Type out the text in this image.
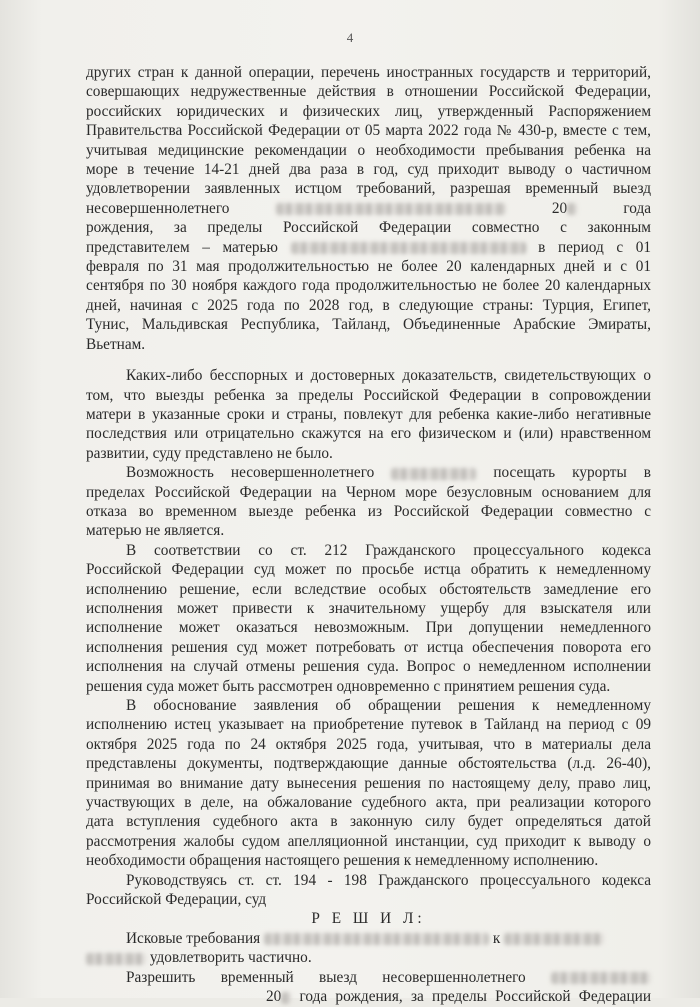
4

других стран к данной операции, перечень иностранных государств и территорий,
совершающих недружественные действия в отношении Российской Федерации,
российских юридических и физических лиц, утвержденный Распоряжением
Правительства Российской Федерации от 05 марта 2022 года № 430-р, вместе с тем,
учитывая медицинские рекомендации о необходимости пребывания ребенка на
море в течение 14-21 дней два раза в год, суд приходит выводу о частичном
удовлетворении заявленных истцом требований, разрешая временный выезд
несовершеннолетнего	20	года
рождения, за пределы Российской Федерации совместно с законным
представителем – матерью	в период с 01
февраля по 31 мая продолжительностью не более 20 календарных дней и с 01
сентября по 30 ноября каждого года продолжительностью не более 20 календарных
дней, начиная с 2025 года по 2028 год, в следующие страны: Турция, Египет,
Тунис, Мальдивская Республика, Тайланд, Объединенные Арабские Эмираты,
Вьетнам.

Каких-либо бесспорных и достоверных доказательств, свидетельствующих о
том, что выезды ребенка за пределы Российской Федерации в сопровождении
матери в указанные сроки и страны, повлекут для ребенка какие-либо негативные
последствия или отрицательно скажутся на его физическом и (или) нравственном
развитии, суду представлено не было.

Возможность несовершеннолетнего	посещать курорты в
пределах Российской Федерации на Черном море безусловным основанием для
отказа во временном выезде ребенка из Российской Федерации совместно с
матерью не является.

В соответствии со ст. 212 Гражданского процессуального кодекса
Российской Федерации суд может по просьбе истца обратить к немедленному
исполнению решение, если вследствие особых обстоятельств замедление его
исполнения может привести к значительному ущербу для взыскателя или
исполнение может оказаться невозможным. При допущении немедленного
исполнения решения суд может потребовать от истца обеспечения поворота его
исполнения на случай отмены решения суда. Вопрос о немедленном исполнении
решения суда может быть рассмотрен одновременно с принятием решения суда.

В обоснование заявления об обращении решения к немедленному
исполнению истец указывает на приобретение путевок в Тайланд на период с 09
октября 2025 года по 24 октября 2025 года, учитывая, что в материалы дела
представлены документы, подтверждающие данные обстоятельства (л.д. 26-40),
принимая во внимание дату вынесения решения по настоящему делу, право лиц,
участвующих в деле, на обжалование судебного акта, при реализации которого
дата вступления судебного акта в законную силу будет определяться датой
рассмотрения жалобы судом апелляционной инстанции, суд приходит к выводу о
необходимости обращения настоящего решения к немедленному исполнению.

Руководствуясь ст. ст. 194 - 198 Гражданского процессуального кодекса
Российской Федерации, суд

Р Е Ш И Л:

Исковые требования	к
удовлетворить частично.
Разрешить временный выезд несовершеннолетнего
20 года рождения, за пределы Российской Федерации
